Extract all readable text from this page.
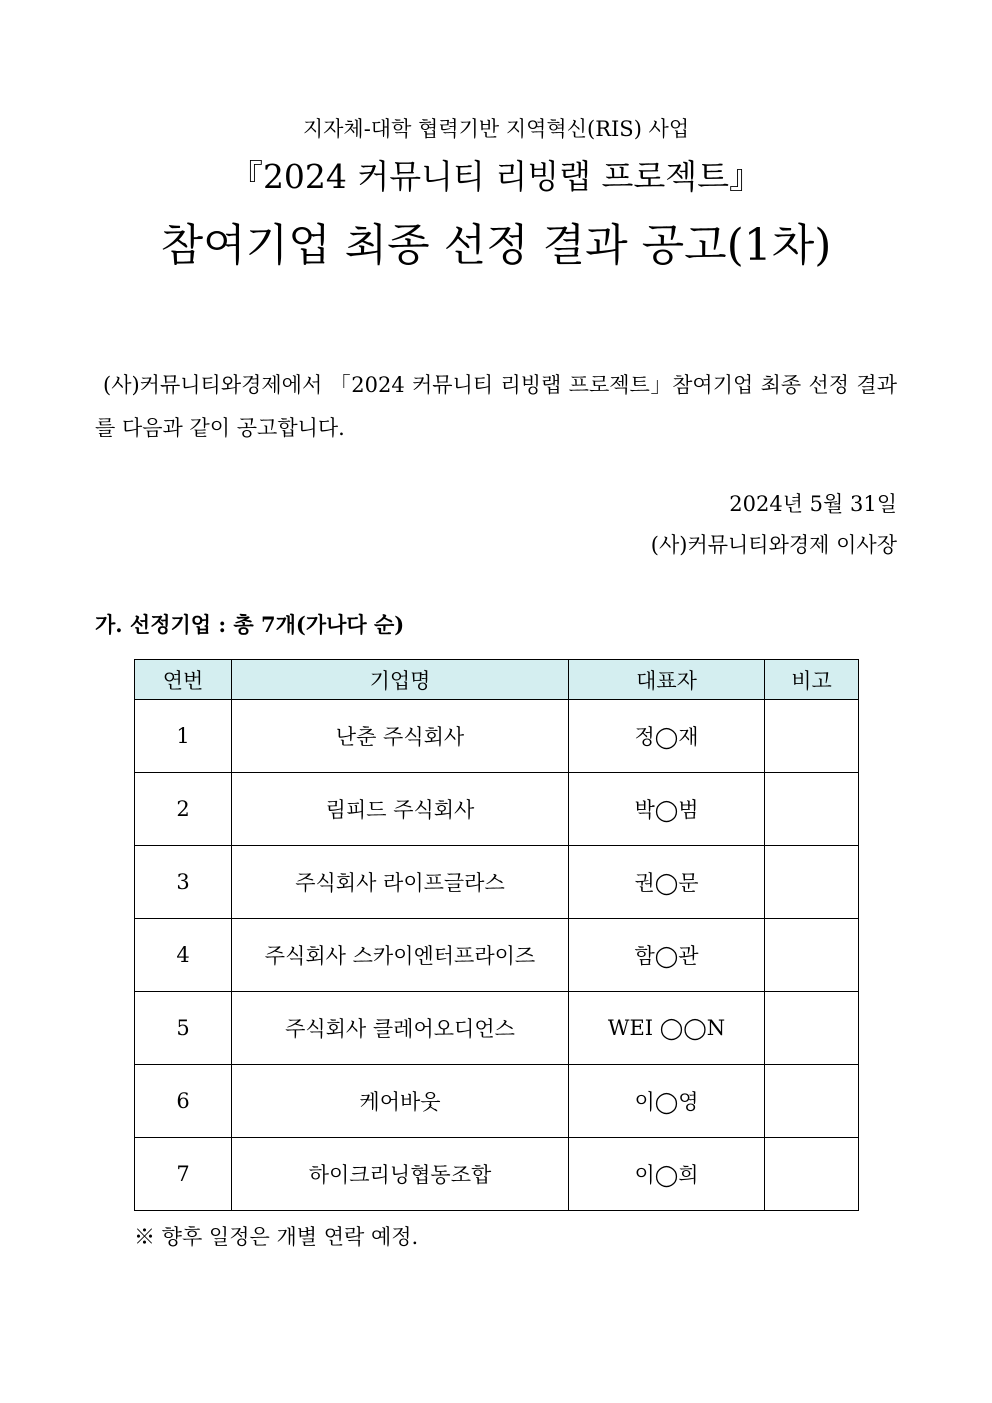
지자체-대학 협력기반 지역혁신(RIS) 사업
『2024 커뮤니티 리빙랩 프로젝트』
참여기업 최종 선정 결과 공고(1차)
(사)커뮤니티와경제에서 「2024 커뮤니티 리빙랩 프로젝트」참여기업 최종 선정 결과를 다음과 같이 공고합니다.
2024년 5월 31일
(사)커뮤니티와경제 이사장
가. 선정기업 : 총 7개(가나다 순)
연번	기업명	대표자	비고
1	난춘 주식회사	정◯재	
2	림피드 주식회사	박◯범	
3	주식회사 라이프글라스	권◯문	
4	주식회사 스카이엔터프라이즈	함◯관	
5	주식회사 클레어오디언스	WEI ◯◯N	
6	케어바웃	이◯영	
7	하이크리닝협동조합	이◯희	
※ 향후 일정은 개별 연락 예정.
